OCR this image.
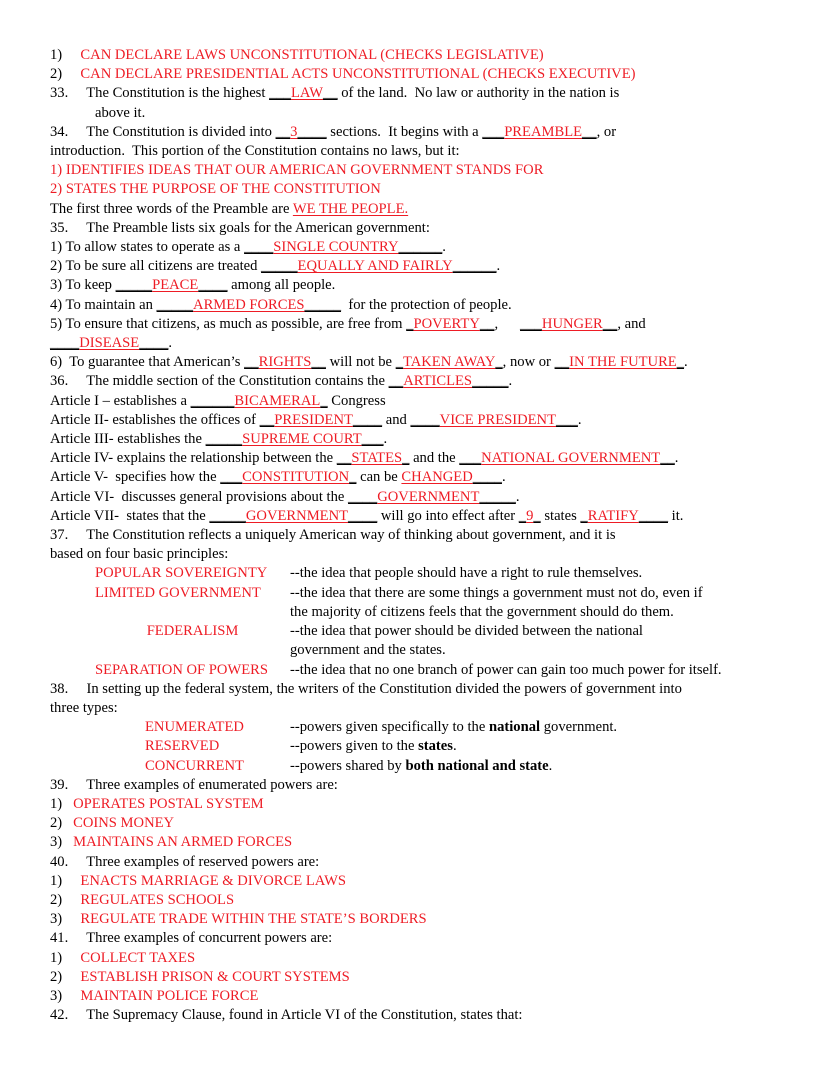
1) CAN DECLARE LAWS UNCONSTITUTIONAL (CHECKS LEGISLATIVE)
2) CAN DECLARE PRESIDENTIAL ACTS UNCONSTITUTIONAL (CHECKS EXECUTIVE)
33. The Constitution is the highest ___LAW__ of the land.  No law or authority in the nation is
above it.
34. The Constitution is divided into __3____ sections.  It begins with a ___PREAMBLE__, or
introduction.  This portion of the Constitution contains no laws, but it:
1) IDENTIFIES IDEAS THAT OUR AMERICAN GOVERNMENT STANDS FOR
2) STATES THE PURPOSE OF THE CONSTITUTION
The first three words of the Preamble are WE THE PEOPLE.
35. The Preamble lists six goals for the American government:
1) To allow states to operate as a ____SINGLE COUNTRY______.
2) To be sure all citizens are treated _____EQUALLY AND FAIRLY______.
3) To keep _____PEACE____ among all people.
4) To maintain an _____ARMED FORCES_____  for the protection of people.
5) To ensure that citizens, as much as possible, are free from _POVERTY__,      ___HUNGER__, and
____DISEASE____.
6)  To guarantee that American’s __RIGHTS__ will not be _TAKEN AWAY_, now or __IN THE FUTURE_.
36. The middle section of the Constitution contains the __ARTICLES_____.
Article I – establishes a ______BICAMERAL_ Congress
Article II- establishes the offices of __PRESIDENT____ and ____VICE PRESIDENT___.
Article III- establishes the _____SUPREME COURT___.
Article IV- explains the relationship between the __STATES_ and the ___NATIONAL GOVERNMENT__.
Article V-  specifies how the ___CONSTITUTION_ can be CHANGED____.
Article VI-  discusses general provisions about the ____GOVERNMENT_____.
Article VII-  states that the _____GOVERNMENT____ will go into effect after _9_ states _RATIFY____ it.
37. The Constitution reflects a uniquely American way of thinking about government, and it is
based on four basic principles:
POPULAR SOVEREIGNTY	--the idea that people should have a right to rule themselves.
LIMITED GOVERNMENT	--the idea that there are some things a government must not do, even if
the majority of citizens feels that the government should do them.
FEDERALISM	--the idea that power should be divided between the national
government and the states.
SEPARATION OF POWERS	--the idea that no one branch of power can gain too much power for itself.
38. In setting up the federal system, the writers of the Constitution divided the powers of government into
three types:
ENUMERATED	--powers given specifically to the national government.
RESERVED	--powers given to the states.
CONCURRENT	--powers shared by both national and state.
39. Three examples of enumerated powers are:
1) OPERATES POSTAL SYSTEM
2) COINS MONEY
3) MAINTAINS AN ARMED FORCES
40. Three examples of reserved powers are:
1) ENACTS MARRIAGE & DIVORCE LAWS
2) REGULATES SCHOOLS
3) REGULATE TRADE WITHIN THE STATE’S BORDERS
41. Three examples of concurrent powers are:
1) COLLECT TAXES
2) ESTABLISH PRISON & COURT SYSTEMS
3) MAINTAIN POLICE FORCE
42. The Supremacy Clause, found in Article VI of the Constitution, states that:
